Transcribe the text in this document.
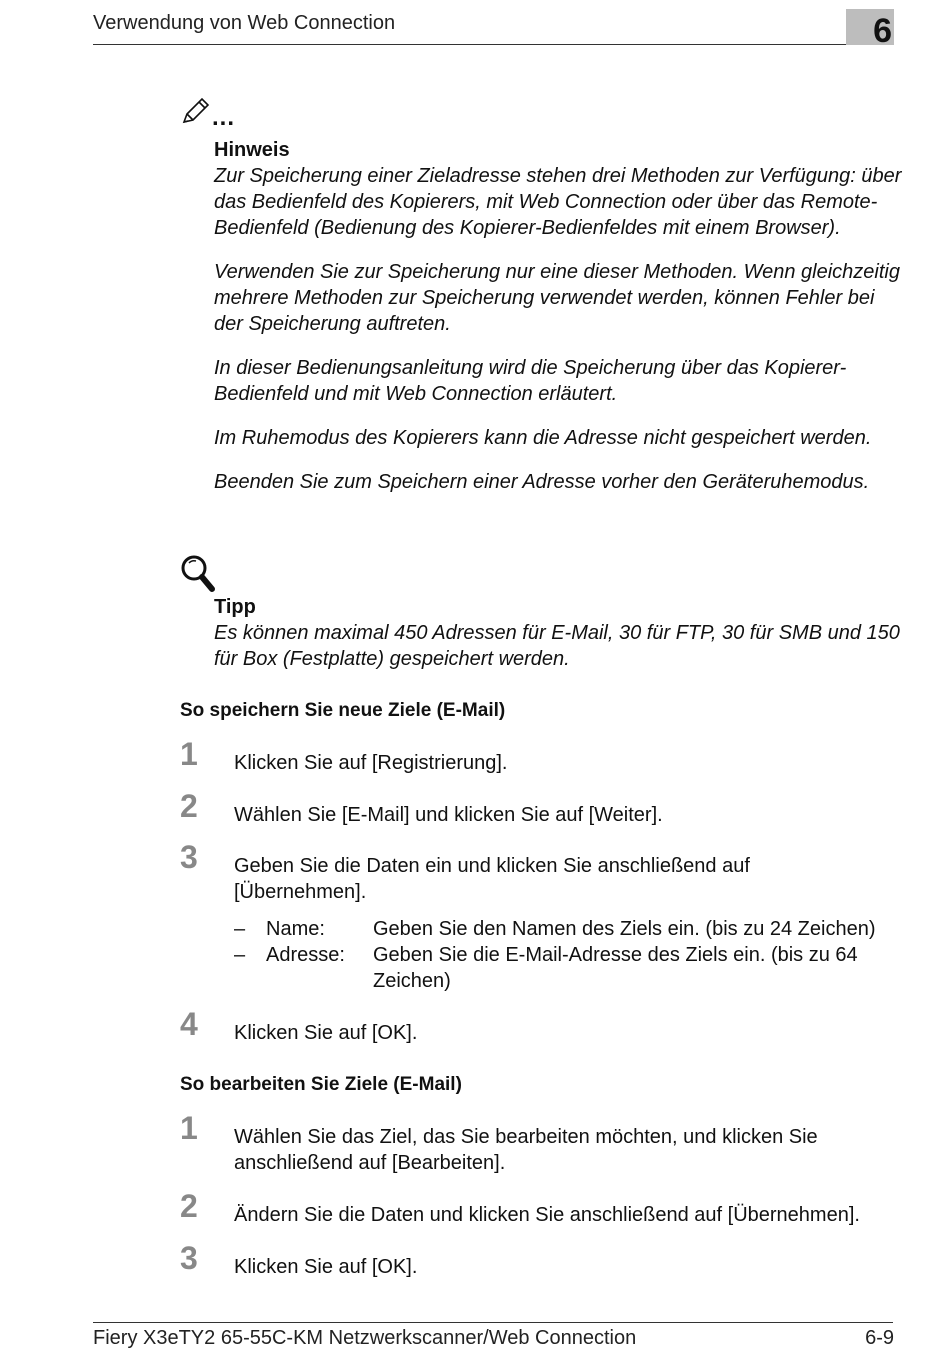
Verwendung von Web Connection	6
...
Hinweis

Zur Speicherung einer Zieladresse stehen drei Methoden zur Verfügung: über das Bedienfeld des Kopierers, mit Web Connection oder über das Remote-Bedienfeld (Bedienung des Kopierer-Bedienfeldes mit einem Browser).

Verwenden Sie zur Speicherung nur eine dieser Methoden. Wenn gleichzeitig mehrere Methoden zur Speicherung verwendet werden, können Fehler bei der Speicherung auftreten.

In dieser Bedienungsanleitung wird die Speicherung über das Kopierer-Bedienfeld und mit Web Connection erläutert.

Im Ruhemodus des Kopierers kann die Adresse nicht gespeichert werden.

Beenden Sie zum Speichern einer Adresse vorher den Geräteruhemodus.

Tipp
Es können maximal 450 Adressen für E-Mail, 30 für FTP, 30 für SMB und 150 für Box (Festplatte) gespeichert werden.
So speichern Sie neue Ziele (E-Mail)
1 Klicken Sie auf [Registrierung].
2 Wählen Sie [E-Mail] und klicken Sie auf [Weiter].
3 Geben Sie die Daten ein und klicken Sie anschließend auf [Übernehmen].
– Name: Geben Sie den Namen des Ziels ein. (bis zu 24 Zeichen)
– Adresse: Geben Sie die E-Mail-Adresse des Ziels ein. (bis zu 64 Zeichen)
4 Klicken Sie auf [OK].
So bearbeiten Sie Ziele (E-Mail)
1 Wählen Sie das Ziel, das Sie bearbeiten möchten, und klicken Sie anschließend auf [Bearbeiten].
2 Ändern Sie die Daten und klicken Sie anschließend auf [Übernehmen].
3 Klicken Sie auf [OK].
Fiery X3eTY2 65-55C-KM Netzwerkscanner/Web Connection	6-9
